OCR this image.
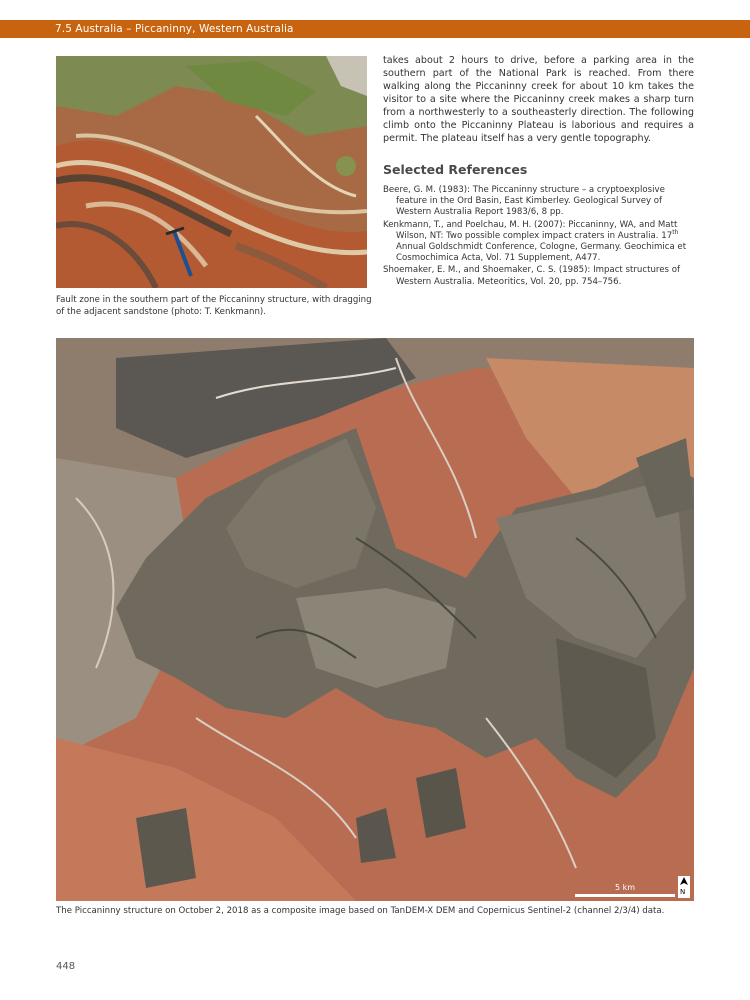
7.5 Australia – Piccaninny, Western Australia
Fault zone in the southern part of the Piccaninny structure, with dragging of the adjacent sandstone (photo: T. Kenkmann).

takes about 2 hours to drive, before a parking area in the southern part of the National Park is reached. From there walking along the Piccaninny creek for about 10 km takes the visitor to a site where the Piccaninny creek makes a sharp turn from a northwesterly to a southeasterly direction. The following climb onto the Piccaninny Plateau is laborious and requires a permit. The plateau itself has a very gentle topography.

Selected References
Beere, G. M. (1983): The Piccaninny structure – a cryptoexplosive feature in the Ord Basin, East Kimberley. Geological Survey of Western Australia Report 1983/6, 8 pp.
Kenkmann, T., and Poelchau, M. H. (2007): Piccaninny, WA, and Matt Wilson, NT: Two possible complex impact craters in Australia. 17th Annual Goldschmidt Conference, Cologne, Germany. Geochimica et Cosmochimica Acta, Vol. 71 Supplement, A477.
Shoemaker, E. M., and Shoemaker, C. S. (1985): Impact structures of Western Australia. Meteoritics, Vol. 20, pp. 754–756.
5 km	N
The Piccaninny structure on October 2, 2018 as a composite image based on TanDEM-X DEM and Copernicus Sentinel-2 (channel 2/3/4) data.
448
